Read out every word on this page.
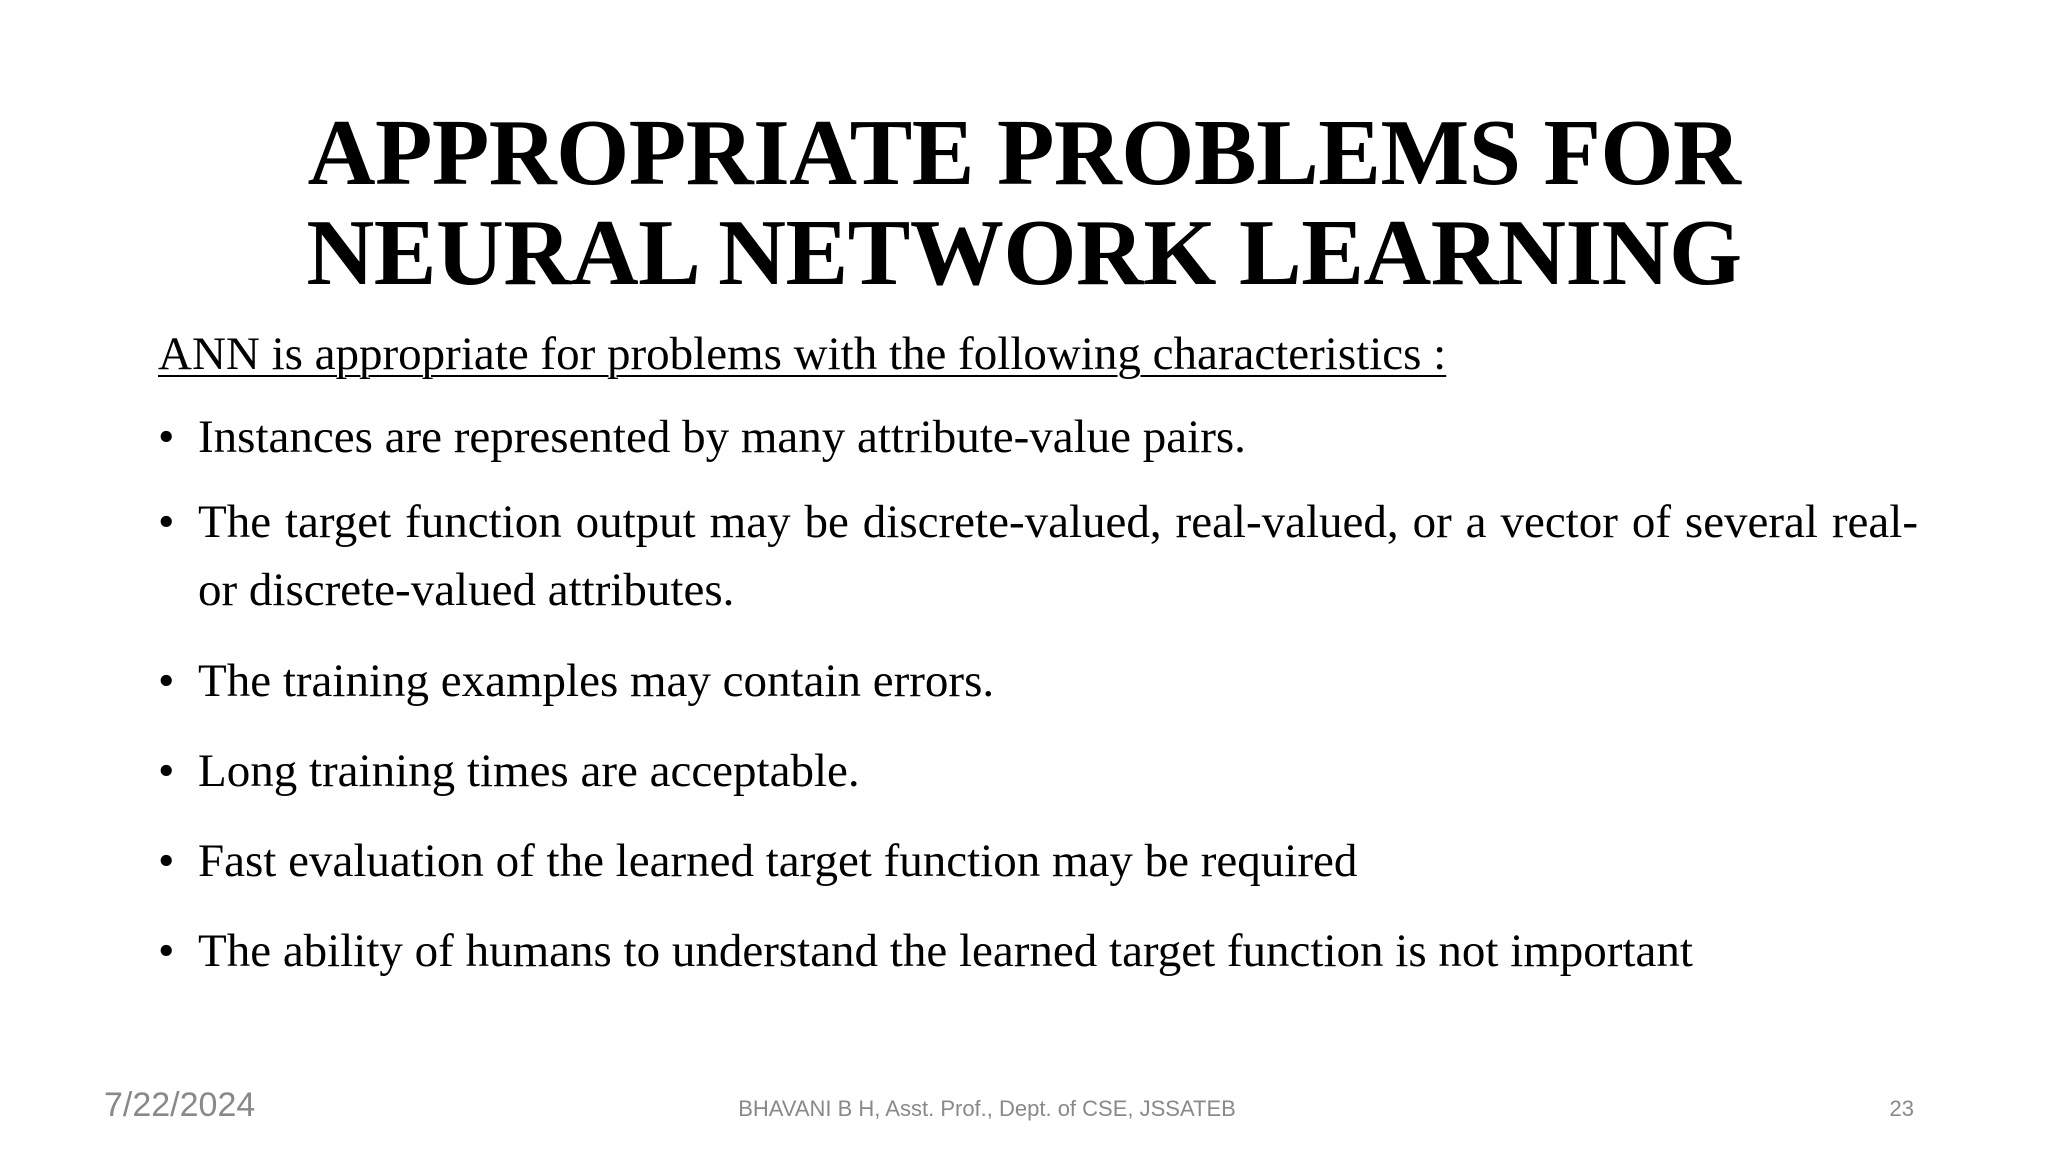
APPROPRIATE PROBLEMS FOR
NEURAL NETWORK LEARNING

ANN is appropriate for problems with the following characteristics :

• Instances are represented by many attribute-value pairs.
• The target function output may be discrete-valued, real-valued, or a vector of several real- or discrete-valued attributes.
• The training examples may contain errors.
• Long training times are acceptable.
• Fast evaluation of the learned target function may be required
• The ability of humans to understand the learned target function is not important
7/22/2024	BHAVANI B H, Asst. Prof., Dept. of CSE, JSSATEB	23
